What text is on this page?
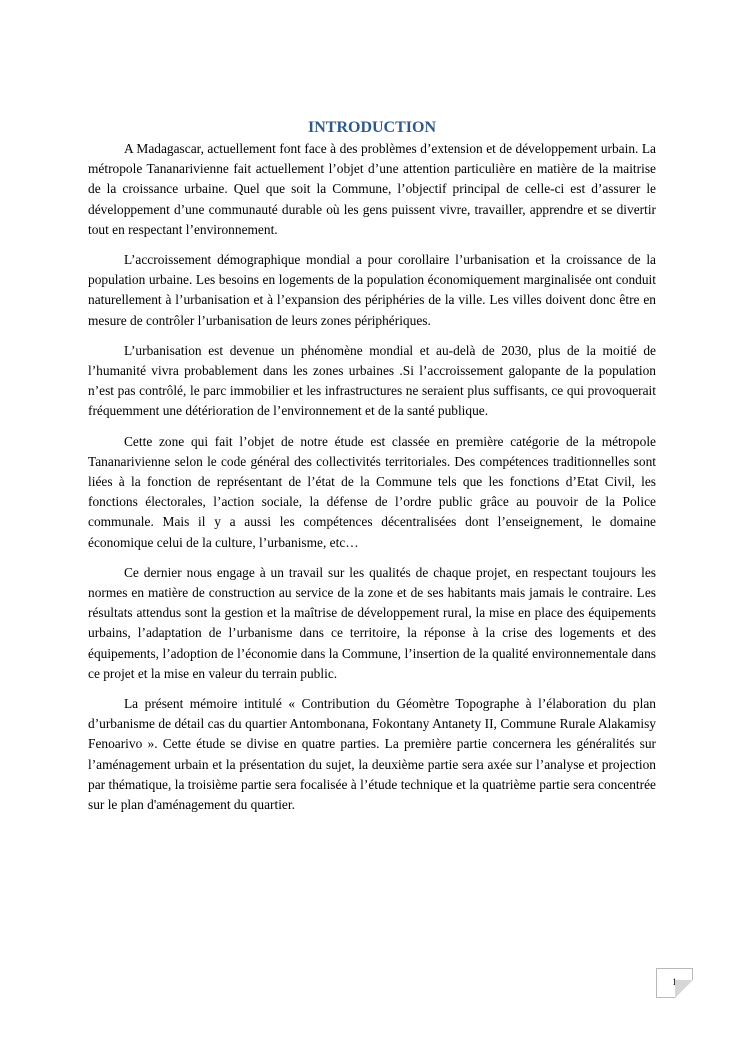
INTRODUCTION

A Madagascar, actuellement font face à des problèmes d’extension et de développement urbain. La métropole Tananarivienne fait actuellement l’objet d’une attention particulière en matière de la maitrise de la croissance urbaine. Quel que soit la Commune, l’objectif principal de celle-ci est d’assurer le développement d’une communauté durable où les gens puissent vivre, travailler, apprendre et se divertir tout en respectant l’environnement.

L’accroissement démographique mondial a pour corollaire l’urbanisation et la croissance de la population urbaine. Les besoins en logements de la population économiquement marginalisée ont conduit naturellement à l’urbanisation et à l’expansion des périphéries de la ville. Les villes doivent donc être en mesure de contrôler l’urbanisation de leurs zones périphériques.

L’urbanisation est devenue un phénomène mondial et au-delà de 2030, plus de la moitié de l’humanité vivra probablement dans les zones urbaines .Si l’accroissement galopante de la population n’est pas contrôlé, le parc immobilier et les infrastructures ne seraient plus suffisants, ce qui provoquerait fréquemment une détérioration de l’environnement et de la santé publique.

Cette zone qui fait l’objet de notre étude est classée en première catégorie de la métropole Tananarivienne selon le code général des collectivités territoriales. Des compétences traditionnelles sont liées à la fonction de représentant de l’état de la Commune tels que les fonctions d’Etat Civil, les fonctions électorales, l’action sociale, la défense de l’ordre public grâce au pouvoir de la Police communale. Mais il y a aussi les compétences décentralisées dont l’enseignement, le domaine économique celui de la culture, l’urbanisme, etc…

Ce dernier nous engage à un travail sur les qualités de chaque projet, en respectant toujours les normes en matière de construction au service de la zone et de ses habitants mais jamais le contraire. Les résultats attendus sont la gestion et la maîtrise de développement rural, la mise en place des équipements urbains, l’adaptation de l’urbanisme dans ce territoire, la réponse à la crise des logements et des équipements, l’adoption de l’économie dans la Commune, l’insertion de la qualité environnementale dans ce projet et la mise en valeur du terrain public.

La présent mémoire intitulé « Contribution du Géomètre Topographe à l’élaboration du plan d’urbanisme de détail cas du quartier Antombonana, Fokontany Antanety II, Commune Rurale Alakamisy Fenoarivo ». Cette étude se divise en quatre parties. La première partie concernera les généralités sur l’aménagement urbain et la présentation du sujet, la deuxième partie sera axée sur l’analyse et projection par thématique, la troisième partie sera focalisée à l’étude technique et la quatrième partie sera concentrée sur le plan d'aménagement du quartier.

1
